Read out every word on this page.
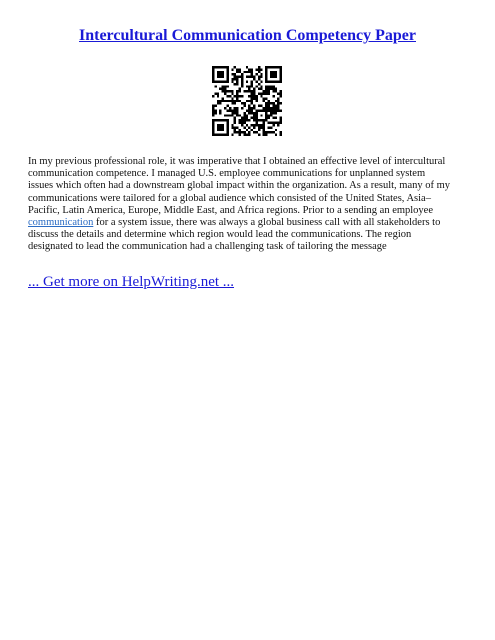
Intercultural Communication Competency Paper
In my previous professional role, it was imperative that I obtained an effective level of intercultural
communication competence. I managed U.S. employee communications for unplanned system
issues which often had a downstream global impact within the organization. As a result, many of my
communications were tailored for a global audience which consisted of the United States, Asia–
Pacific, Latin America, Europe, Middle East, and Africa regions. Prior to a sending an employee
communication for a system issue, there was always a global business call with all stakeholders to
discuss the details and determine which region would lead the communications. The region
designated to lead the communication had a challenging task of tailoring the message
... Get more on HelpWriting.net ...
